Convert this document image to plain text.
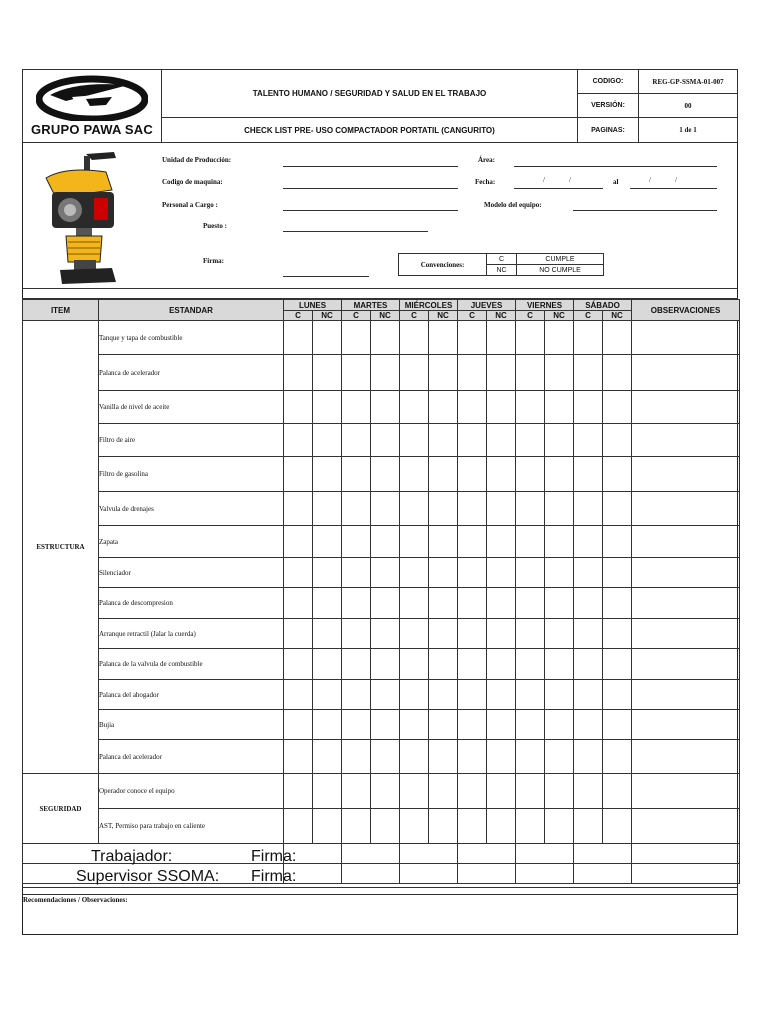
GRUPO PAWA SAC
TALENTO HUMANO / SEGURIDAD Y SALUD EN EL TRABAJO
CHECK LIST PRE- USO COMPACTADOR PORTATIL (CANGURITO)
CODIGO:	REG-GP-SSMA-01-007
VERSIÓN:	00
PAGINAS:	1 de 1
Unidad de Producción:	Área:
Codigo de maquina:	Fecha:	/	/	al	/	/
Personal a Cargo :	Modelo del equipo:
Puesto :
Firma:	Convenciones:
C	CUMPLE
NC	NO CUMPLE
ITEM	ESTANDAR	LUNES		MARTES		MIÉRCOLES		JUEVES		VIERNES		SÁBADO		OBSERVACIONES
		C	NC	C	NC	C	NC	C	NC	C	NC	C	NC	
ESTRUCTURA	Tanque y tapa de combustible													
	Palanca de acelerador													
	Vanilla de nivel de aceite													
	Filtro de aire													
	Filtro de gasolina													
	Valvula de drenajes													
	Zapata													
	Silenciador													
	Palanca de descompresion													
	Arranque retractil (Jalar la cuerda)													
	Palanca de la valvula de combustible													
	Palanca del ahogador													
	Bujia													
	Palanca del acelerador													
SEGURIDAD	Operador conoce el equipo													
	AST, Permiso para trabajo en caliente													

Trabajador: Firma:														

Supervisor SSOMA: Firma:														

Recomendaciones / Observaciones:
